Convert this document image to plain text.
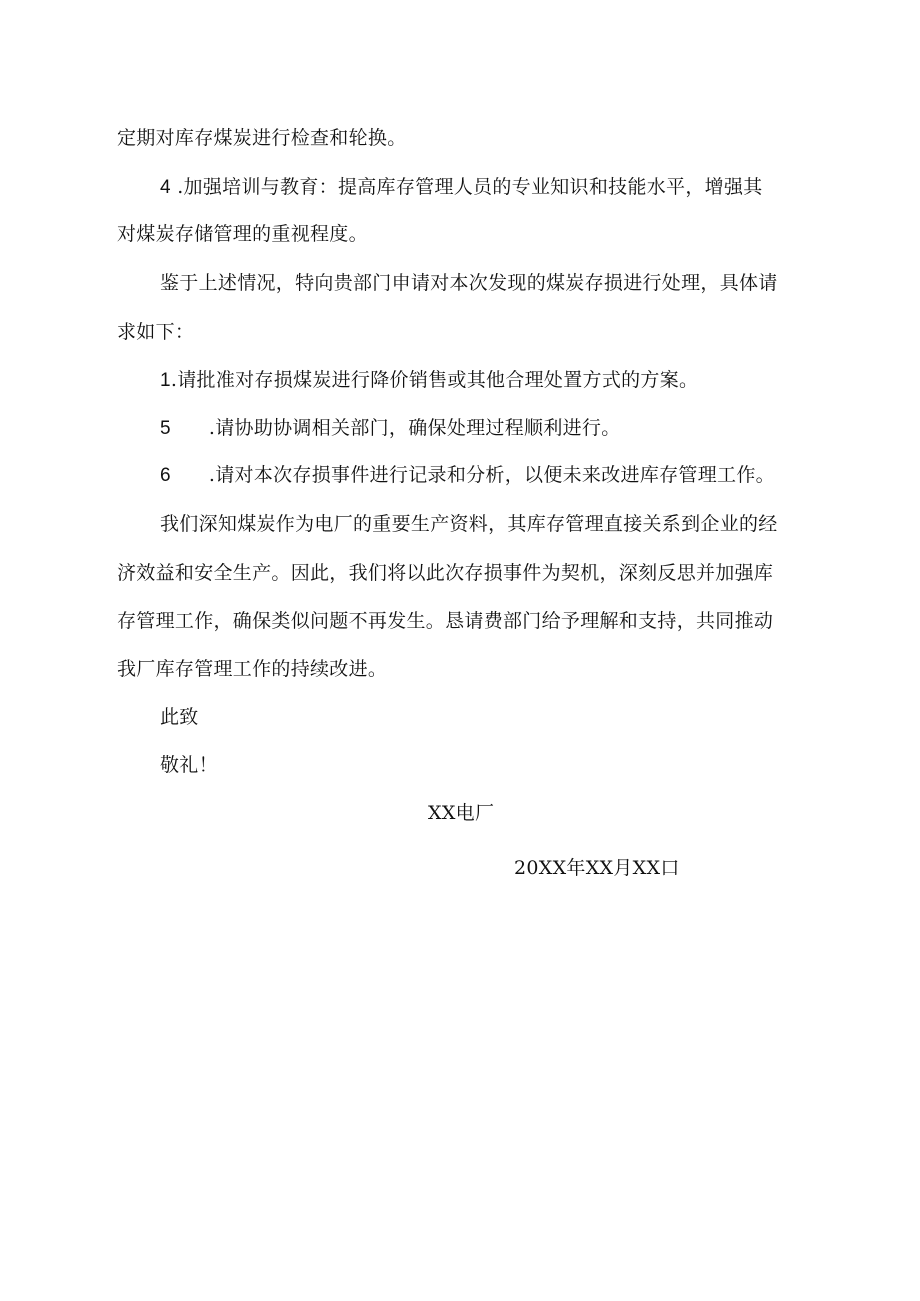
定期对库存煤炭进行检查和轮换。
4 .加强培训与教育：提高库存管理人员的专业知识和技能水平，增强其
对煤炭存储管理的重视程度。
鉴于上述情况，特向贵部门申请对本次发现的煤炭存损进行处理，具体请
求如下：
1.请批准对存损煤炭进行降价销售或其他合理处置方式的方案。
5 .请协助协调相关部门，确保处理过程顺利进行。
6 .请对本次存损事件进行记录和分析，以便未来改进库存管理工作。
我们深知煤炭作为电厂的重要生产资料，其库存管理直接关系到企业的经
济效益和安全生产。因此，我们将以此次存损事件为契机，深刻反思并加强库
存管理工作，确保类似问题不再发生。恳请费部门给予理解和支持，共同推动
我厂库存管理工作的持续改进。
此致
敬礼！
XX电厂
20XX年XX月XX口
